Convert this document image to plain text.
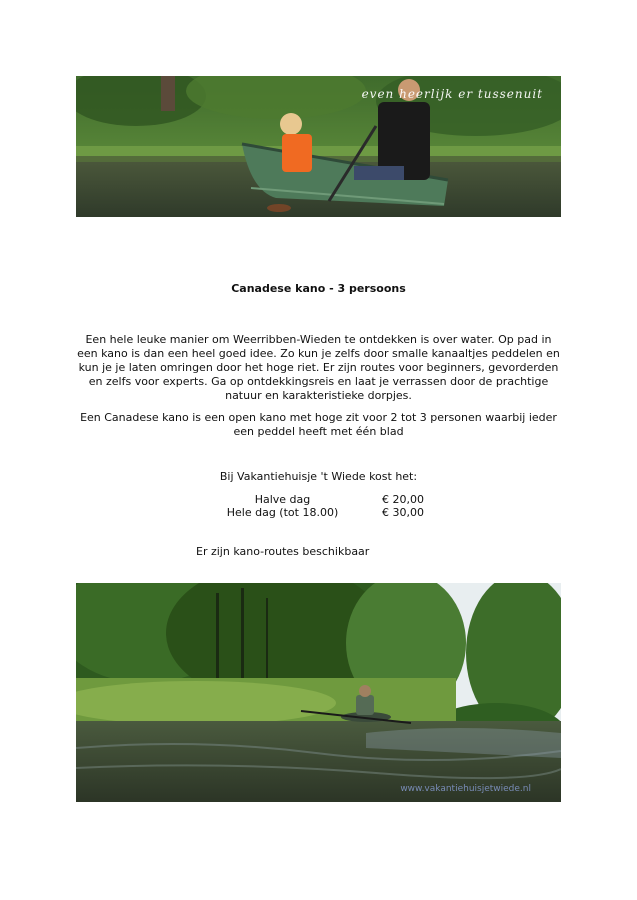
even heerlijk er tussenuit
Canadese kano - 3 persoons
Een hele leuke manier om Weerribben-Wieden te ontdekken is over water. Op pad in een kano is dan een heel goed idee. Zo kun je zelfs door smalle kanaaltjes peddelen en kun je je laten omringen door het hoge riet. Er zijn routes voor beginners, gevorderden en zelfs voor experts. Ga op ontdekkingsreis en laat je verrassen door de prachtige natuur en karakteristieke dorpjes.
Een Canadese kano is een open kano met hoge zit voor 2 tot 3 personen waarbij ieder een peddel heeft met één blad
Bij Vakantiehuisje 't Wiede kost het:
Halve dag	€ 20,00
Hele dag (tot 18.00)	€ 30,00
Er zijn kano-routes beschikbaar
www.vakantiehuisjetwiede.nl
